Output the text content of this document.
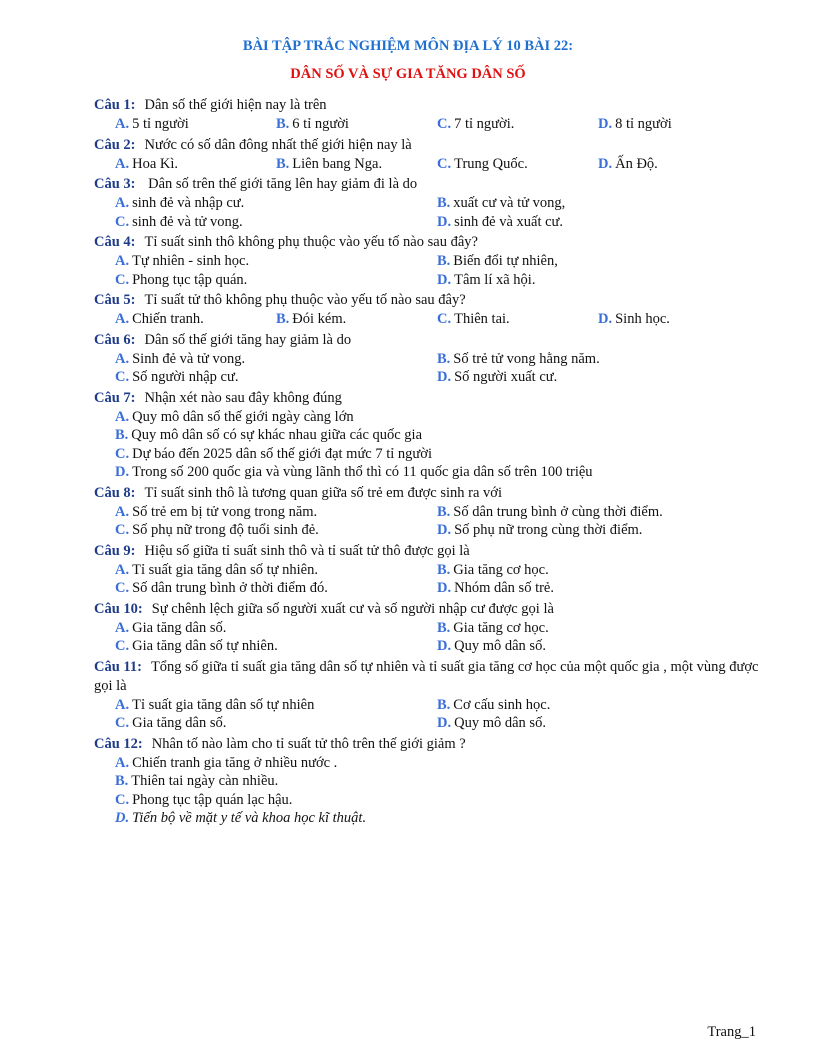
BÀI TẬP TRẮC NGHIỆM MÔN ĐỊA LÝ 10 BÀI 22:
DÂN SỐ VÀ SỰ GIA TĂNG DÂN SỐ
Câu 1: Dân số thế giới hiện nay là trên
A. 5 tỉ người	B. 6 tỉ người	C. 7 tỉ người.	D. 8 tỉ người
Câu 2: Nước có số dân đông nhất thế giới hiện nay là
A. Hoa Kì.	B. Liên bang Nga.	C. Trung Quốc.	D. Ấn Độ.
Câu 3: Dân số trên thế giới tăng lên hay giảm đi là do
A. sinh đẻ và nhập cư.	B. xuất cư và tử vong,
C. sinh đẻ và tử vong.	D. sinh đẻ và xuất cư.
Câu 4: Tỉ suất sinh thô không phụ thuộc vào yếu tố nào sau đây?
A. Tự nhiên - sinh học.	B. Biến đổi tự nhiên,
C. Phong tục tập quán.	D. Tâm lí xã hội.
Câu 5: Tỉ suất tử thô không phụ thuộc vào yếu tố nào sau đây?
A. Chiến tranh.	B. Đói kém.	C. Thiên tai.	D. Sinh học.
Câu 6: Dân số thế giới tăng hay giảm là do
A. Sinh đẻ và tử vong.	B. Số trẻ tử vong hằng năm.
C. Số người nhập cư.	D. Số người xuất cư.
Câu 7: Nhận xét nào sau đây không đúng
A. Quy mô dân số thế giới ngày càng lớn
B. Quy mô dân số có sự khác nhau giữa các quốc gia
C. Dự báo đến 2025 dân số thế giới đạt mức 7 tỉ người
D. Trong số 200 quốc gia và vùng lãnh thổ thì có 11 quốc gia dân số trên 100 triệu
Câu 8: Tỉ suất sinh thô là tương quan giữa số trẻ em được sinh ra với
A. Số trẻ em bị tử vong trong năm.	B. Số dân trung bình ở cùng thời điểm.
C. Số phụ nữ trong độ tuổi sinh đẻ.	D. Số phụ nữ trong cùng thời điểm.
Câu 9: Hiệu số giữa tỉ suất sinh thô và tỉ suất tử thô được gọi là
A. Tỉ suất gia tăng dân số tự nhiên.	B. Gia tăng cơ học.
C. Số dân trung bình ở thời điểm đó.	D. Nhóm dân số trẻ.
Câu 10: Sự chênh lệch giữa số người xuất cư và số người nhập cư được gọi là
A. Gia tăng dân số.	B. Gia tăng cơ học.
C. Gia tăng dân số tự nhiên.	D. Quy mô dân số.
Câu 11: Tổng số giữa tỉ suất gia tăng dân số tự nhiên và tỉ suất gia tăng cơ học của một quốc gia , một vùng được gọi là
A. Tỉ suất gia tăng dân số tự nhiên	B. Cơ cấu sinh học.
C. Gia tăng dân số.	D. Quy mô dân số.
Câu 12: Nhân tố nào làm cho tỉ suất tử thô trên thế giới giảm ?
A. Chiến tranh gia tăng ở nhiều nước .
B. Thiên tai ngày càn nhiều.
C. Phong tục tập quán lạc hậu.
D. Tiến bộ về mặt y tế và khoa học kĩ thuật.
Trang_1
